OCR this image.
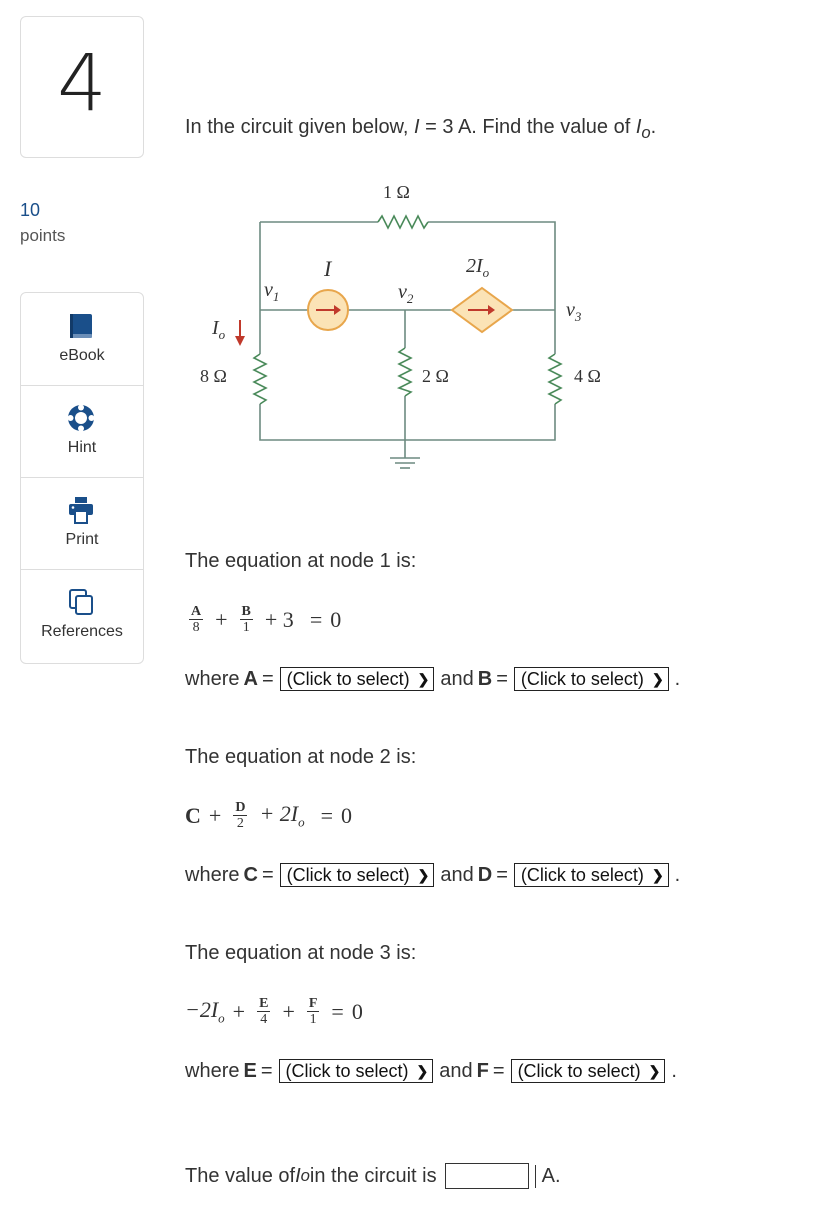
4
10
points
eBook
Hint
Print
References
In the circuit given below, I = 3 A. Find the value of $I_o$.
1 Ω
8 Ω	2 Ω	4 Ω
I	$2I_o$
$v_1$	$v_2$
$v_3$
$I_o$
The equation at node 1 is:
$\frac{A}{8} + \frac{B}{1} + 3 = 0$
where A = (Click to select) ❯ and B = (Click to select) ❯ .
The equation at node 2 is:
$C + \frac{D}{2} + 2I_o = 0$
where C = (Click to select) ❯ and D = (Click to select) ❯ .
The equation at node 3 is:
$-2I_o + \frac{E}{4} + \frac{F}{1} = 0$
where E = (Click to select) ❯ and F = (Click to select) ❯ .
The value of I o in the circuit is	A.
